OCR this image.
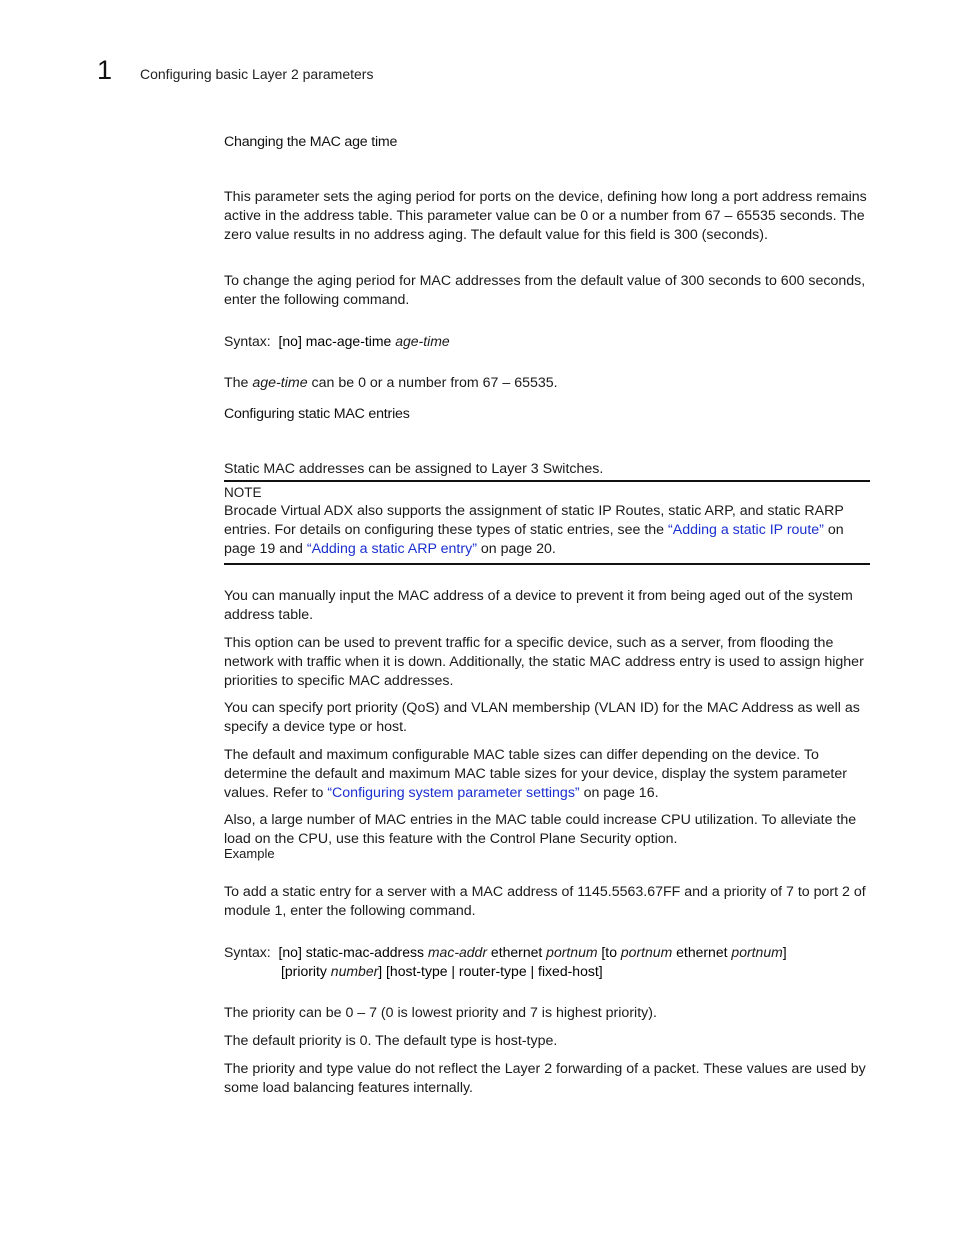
1 Configuring basic Layer 2 parameters
Changing the MAC age time

This parameter sets the aging period for ports on the device, defining how long a port address remains active in the address table. This parameter value can be 0 or a number from 67 – 65535 seconds. The zero value results in no address aging. The default value for this field is 300 (seconds).

To change the aging period for MAC addresses from the default value of 300 seconds to 600 seconds, enter the following command.

Syntax: [no] mac-age-time age-time

The age-time can be 0 or a number from 67 – 65535.

Configuring static MAC entries

Static MAC addresses can be assigned to Layer 3 Switches.

NOTE

Brocade Virtual ADX also supports the assignment of static IP Routes, static ARP, and static RARP entries. For details on configuring these types of static entries, see the “Adding a static IP route” on page 19 and “Adding a static ARP entry” on page 20.

You can manually input the MAC address of a device to prevent it from being aged out of the system address table.

This option can be used to prevent traffic for a specific device, such as a server, from flooding the network with traffic when it is down. Additionally, the static MAC address entry is used to assign higher priorities to specific MAC addresses.

You can specify port priority (QoS) and VLAN membership (VLAN ID) for the MAC Address as well as specify a device type or host.

The default and maximum configurable MAC table sizes can differ depending on the device. To determine the default and maximum MAC table sizes for your device, display the system parameter values. Refer to “Configuring system parameter settings” on page 16.

Also, a large number of MAC entries in the MAC table could increase CPU utilization. To alleviate the load on the CPU, use this feature with the Control Plane Security option.

Example

To add a static entry for a server with a MAC address of 1145.5563.67FF and a priority of 7 to port 2 of module 1, enter the following command.

Syntax: [no] static-mac-address mac-addr ethernet portnum [to portnum ethernet portnum]
[priority number] [host-type | router-type | fixed-host]

The priority can be 0 – 7 (0 is lowest priority and 7 is highest priority).

The default priority is 0. The default type is host-type.

The priority and type value do not reflect the Layer 2 forwarding of a packet. These values are used by some load balancing features internally.
